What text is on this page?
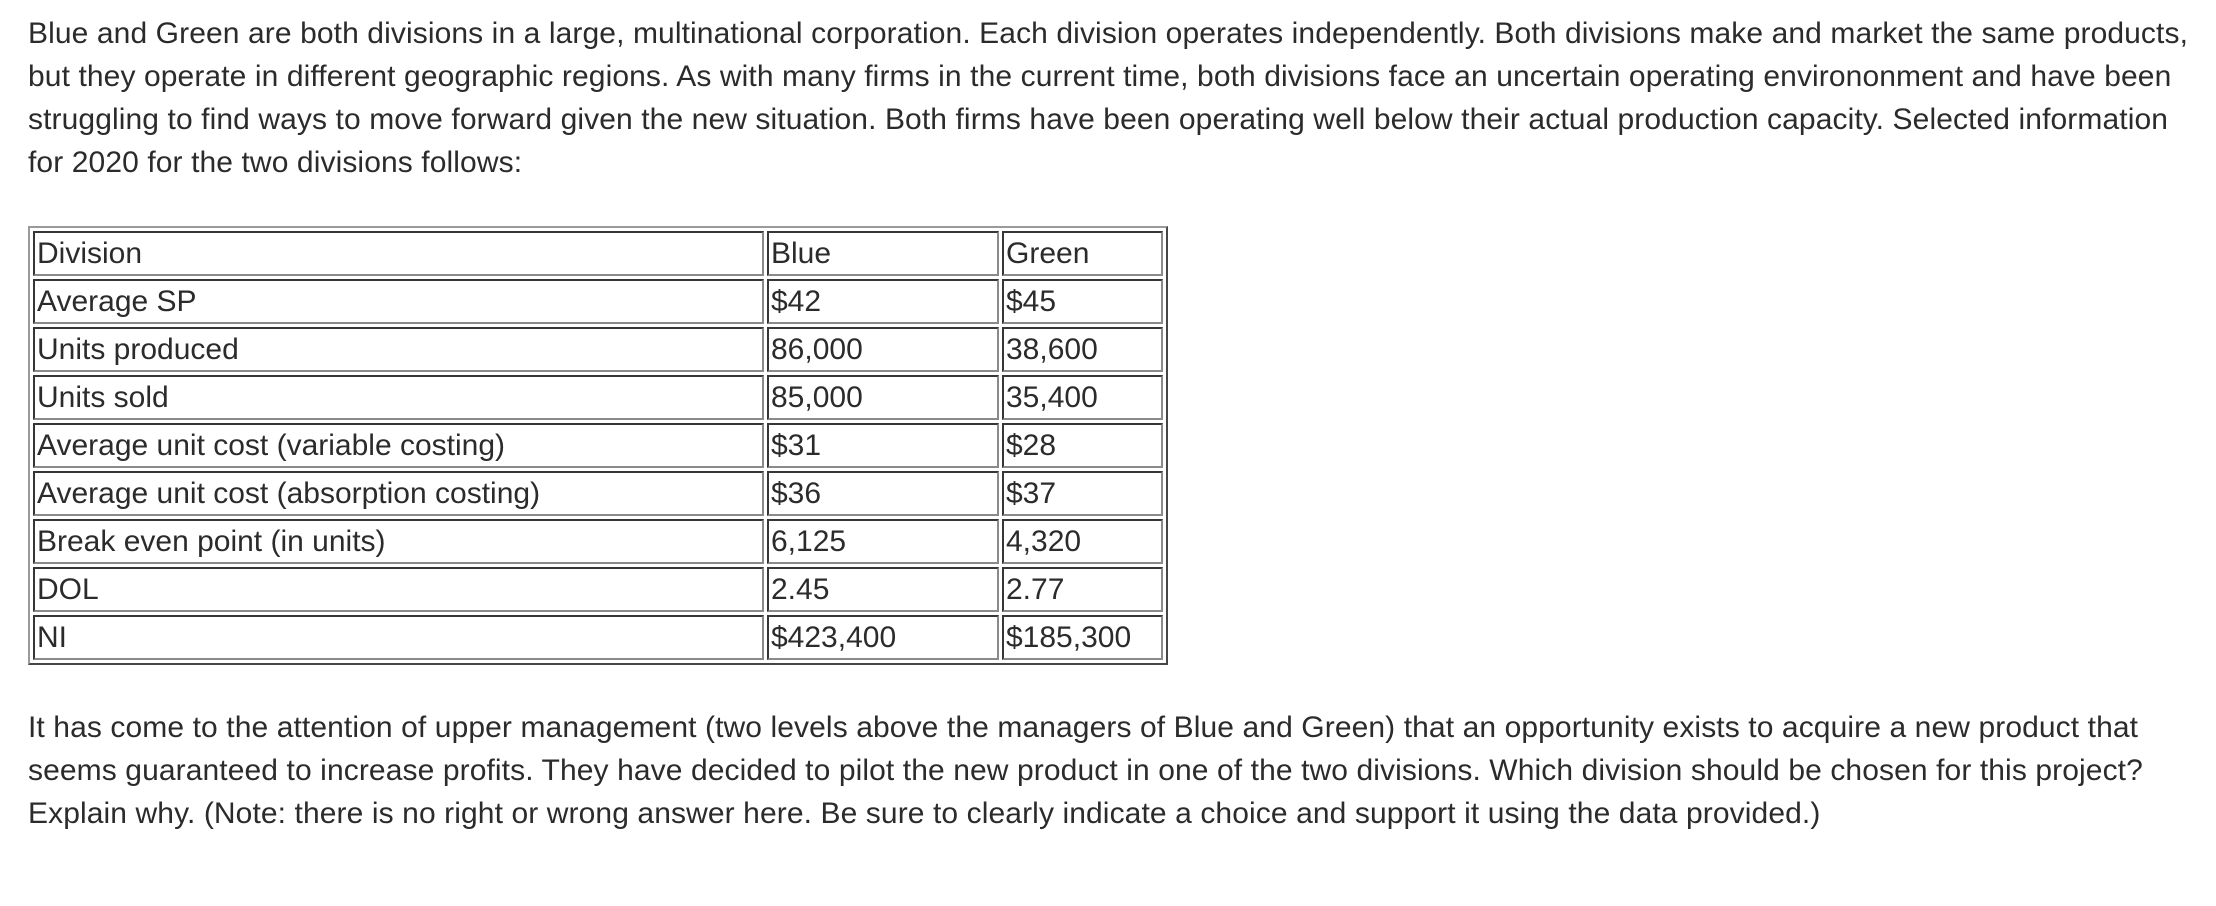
Blue and Green are both divisions in a large, multinational corporation. Each division operates independently. Both divisions make and market the same products, but they operate in different geographic regions. As with many firms in the current time, both divisions face an uncertain operating environonment and have been struggling to find ways to move forward given the new situation. Both firms have been operating well below their actual production capacity. Selected information for 2020 for the two divisions follows:

Division	Blue	Green
Average SP	$42	$45
Units produced	86,000	38,600
Units sold	85,000	35,400
Average unit cost (variable costing)	$31	$28
Average unit cost (absorption costing)	$36	$37
Break even point (in units)	6,125	4,320
DOL	2.45	2.77
NI	$423,400	$185,300

It has come to the attention of upper management (two levels above the managers of Blue and Green) that an opportunity exists to acquire a new product that seems guaranteed to increase profits. They have decided to pilot the new product in one of the two divisions. Which division should be chosen for this project? Explain why. (Note: there is no right or wrong answer here. Be sure to clearly indicate a choice and support it using the data provided.)
